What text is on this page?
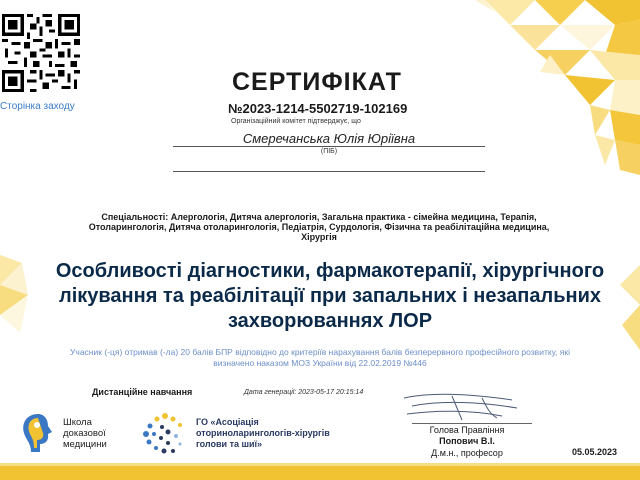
Сторінка заходу
СЕРТИФІКАТ
№2023-1214-5502719-102169
Організаційний комітет підтверджує, що
Смеречанська Юлія Юріївна
(ПІБ)
Спеціальності: Алергологія, Дитяча алергологія, Загальна практика - сімейна медицина, Терапія, Отоларингологія, Дитяча отоларингологія, Педіатрія, Сурдологія, Фізична та реабілітаційна медицина, Хірургія
Особливості діагностики, фармакотерапії, хірургічного лікування та реабілітації при запальних і незапальних захворюваннях ЛОР
Учасник (-ця) отримав (-ла) 20 балів БПР відповідно до критеріїв нарахування балів безперервного професійного розвитку, які визначено наказом МОЗ України від 22.02.2019 №446
Дистанційне навчання	Дата генерації: 2023-05-17 20:15:14
Голова Правління
Попович В.І.
Д.м.н., професор	05.05.2023
Школа
доказової
медицини
ГО «Асоціація
оториноларингологів-хірургів
голови та шиї»
